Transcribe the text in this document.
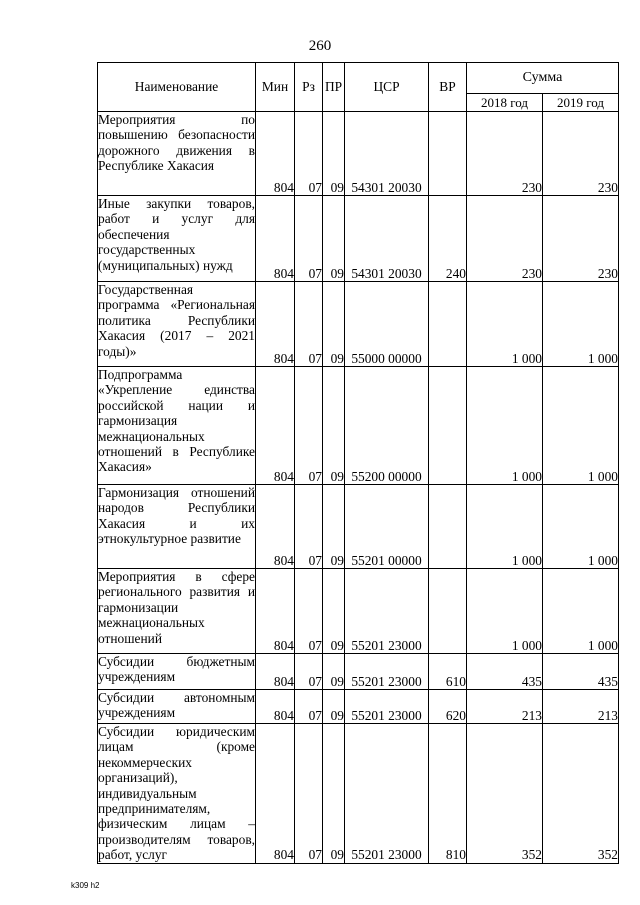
260
Наименование	Мин	Рз	ПР	ЦСР	ВР	Сумма	
						2018 год	2019 год
Мероприятия по повышению безопасности дорожного движения в Республике Хакасия	804	07	09	54301 20030		230	230
Иные закупки товаров, работ и услуг для обеспечения государственных (муниципальных) нужд	804	07	09	54301 20030	240	230	230
Государственная программа «Региональная политика Республики Хакасия (2017 – 2021 годы)»	804	07	09	55000 00000		1 000	1 000
Подпрограмма «Укрепление единства российской нации и гармонизация межнациональных отношений в Республике Хакасия»	804	07	09	55200 00000		1 000	1 000
Гармонизация отношений народов Республики Хакасия и их этнокультурное развитие	804	07	09	55201 00000		1 000	1 000
Мероприятия в сфере регионального развития и гармонизации межнациональных отношений	804	07	09	55201 23000		1 000	1 000
Субсидии бюджетным учреждениям	804	07	09	55201 23000	610	435	435
Субсидии автономным учреждениям	804	07	09	55201 23000	620	213	213
Субсидии юридическим лицам (кроме некоммерческих организаций), индивидуальным предпринимателям, физическим лицам – производителям товаров, работ, услуг	804	07	09	55201 23000	810	352	352
k309 h2
